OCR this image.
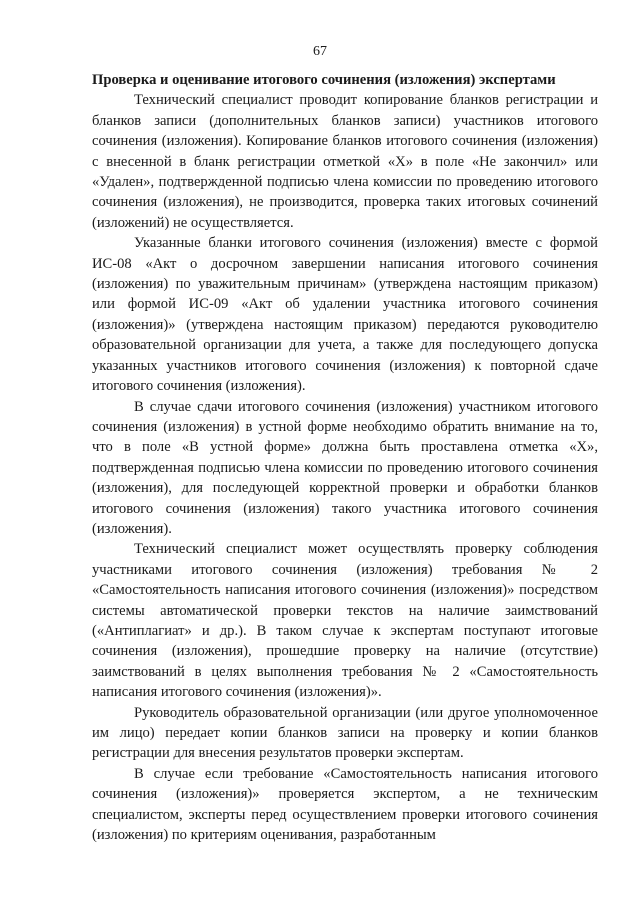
67

Проверка и оценивание итогового сочинения (изложения) экспертами

Технический специалист проводит копирование бланков регистрации и бланков записи (дополнительных бланков записи) участников итогового сочинения (изложения). Копирование бланков итогового сочинения (изложения) с внесенной в бланк регистрации отметкой «Х» в поле «Не закончил» или «Удален», подтвержденной подписью члена комиссии по проведению итогового сочинения (изложения), не производится, проверка таких итоговых сочинений (изложений) не осуществляется.

Указанные бланки итогового сочинения (изложения) вместе с формой ИС-08 «Акт о досрочном завершении написания итогового сочинения (изложения) по уважительным причинам» (утверждена настоящим приказом) или формой ИС-09 «Акт об удалении участника итогового сочинения (изложения)» (утверждена настоящим приказом) передаются руководителю образовательной организации для учета, а также для последующего допуска указанных участников итогового сочинения (изложения) к повторной сдаче итогового сочинения (изложения).

В случае сдачи итогового сочинения (изложения) участником итогового сочинения (изложения) в устной форме необходимо обратить внимание на то, что в поле «В устной форме» должна быть проставлена отметка «Х», подтвержденная подписью члена комиссии по проведению итогового сочинения (изложения), для последующей корректной проверки и обработки бланков итогового сочинения (изложения) такого участника итогового сочинения (изложения).

Технический специалист может осуществлять проверку соблюдения участниками итогового сочинения (изложения) требования № 2 «Самостоятельность написания итогового сочинения (изложения)» посредством системы автоматической проверки текстов на наличие заимствований («Антиплагиат» и др.). В таком случае к экспертам поступают итоговые сочинения (изложения), прошедшие проверку на наличие (отсутствие) заимствований в целях выполнения требования № 2 «Самостоятельность написания итогового сочинения (изложения)».

Руководитель образовательной организации (или другое уполномоченное им лицо) передает копии бланков записи на проверку и копии бланков регистрации для внесения результатов проверки экспертам.

В случае если требование «Самостоятельность написания итогового сочинения (изложения)» проверяется экспертом, а не техническим специалистом, эксперты перед осуществлением проверки итогового сочинения (изложения) по критериям оценивания, разработанным
